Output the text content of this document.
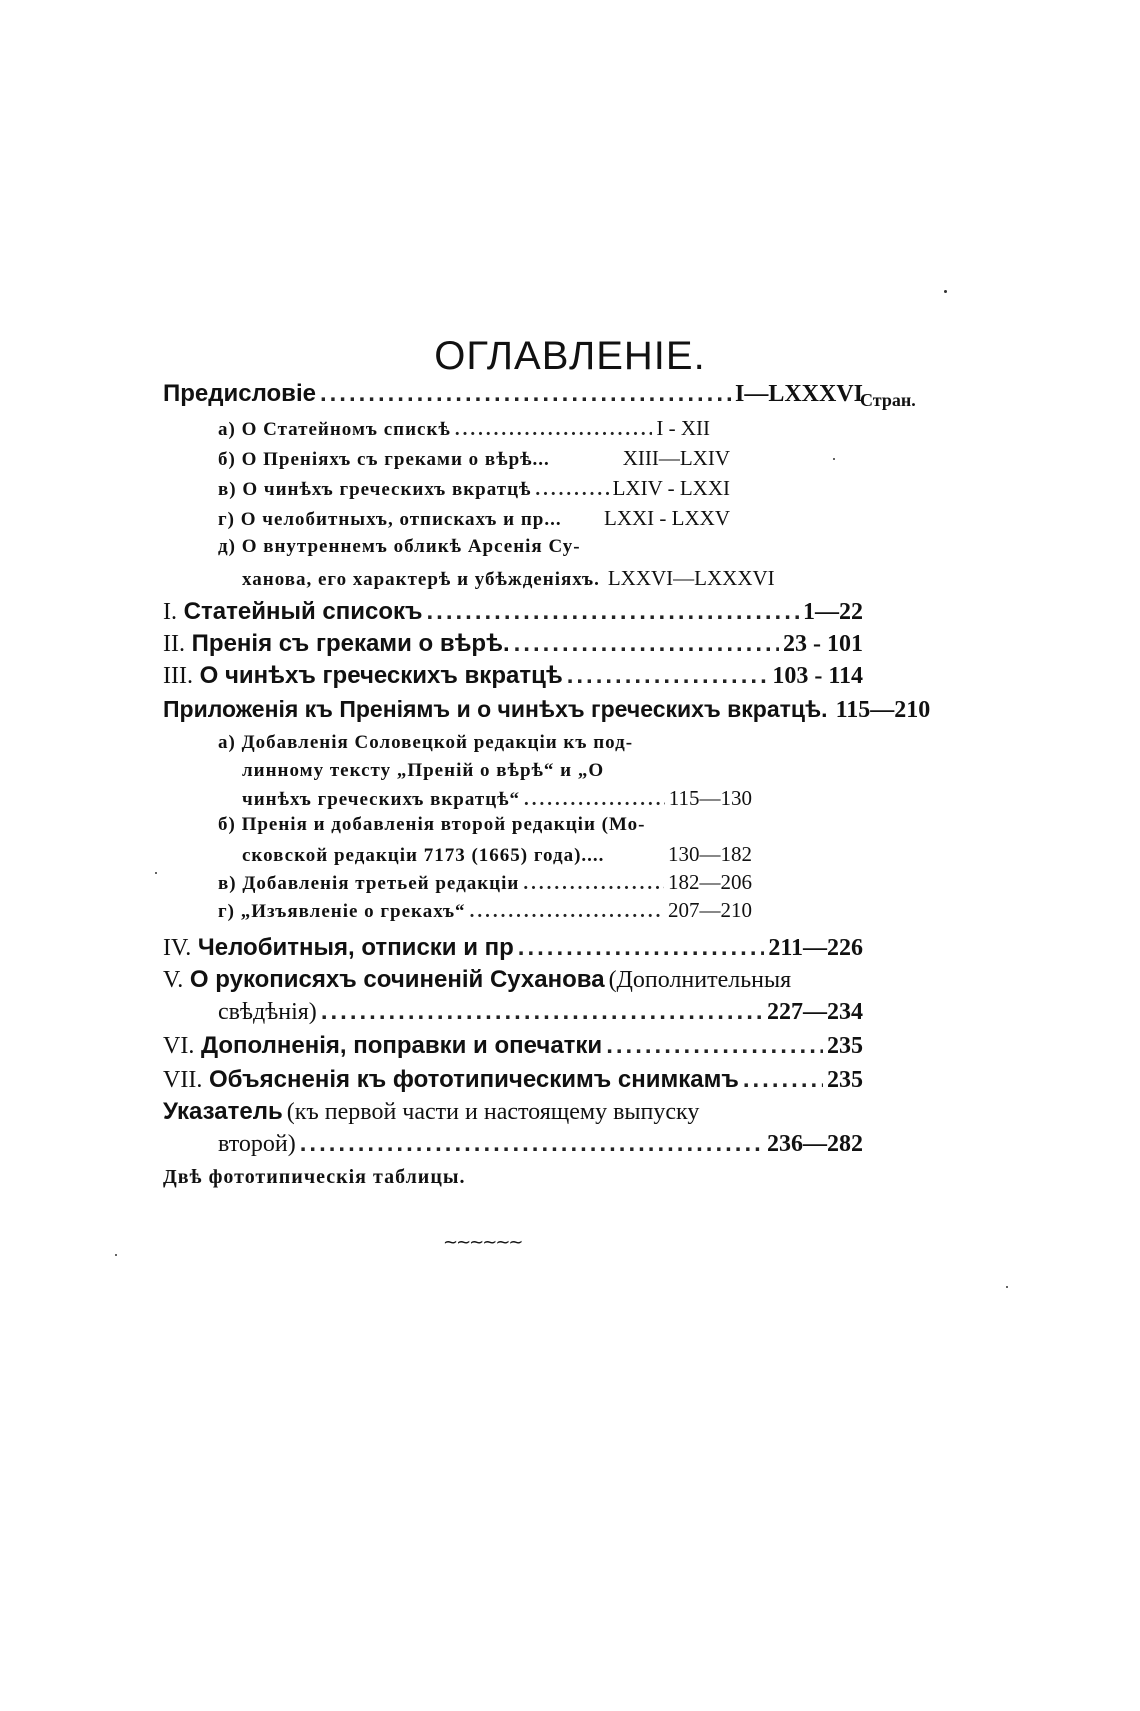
ОГЛАВЛЕНIЕ.
Стран.
Предисловiе .....	I—LXXXVI
а) О Статейномъ спискѣ .....	I - XII
б) О Пренiяхъ съ греками о вѣрѣ...	XIII—LXIV
в) О чинѣхъ греческихъ вкратцѣ .....	LXIV - LXXI
г) О челобитныхъ, отпискахъ и пр... LXXI - LXXV
д) О внутреннемъ обликѣ Арсенiя Су-
ханова, его характерѣ и убѣжденiяхъ. LXXVI—LXXXVI
I. Статейный списокъ .....	1—22
II. Пренiя съ греками о вѣрѣ. .....	23 - 101
III. О чинѣхъ греческихъ вкратцѣ .....	103 - 114
Приложенiя къ Пренiямъ и о чинѣхъ греческихъ вкратцѣ. 115—210
а) Добавленiя Соловецкой редакцiи къ под-
линному тексту „Пренiй о вѣрѣ“ и „О
чинѣхъ греческихъ вкратцѣ“ .....	115—130
б) Пренiя и добавленiя второй редакцiи (Мо-
сковской редакцiи 7173 (1665) года)....	130—182
в) Добавленiя третьей редакцiи .....	182—206
г) „Изъявленiе о грекахъ“ .....	207—210
IV. Челобитныя, отписки и пр .....	211—226
V. О рукописяхъ сочиненiй Суханова (Дополнительныя
свѣдѣнiя) .....	227—234
VI. Дополненiя, поправки и опечатки .....	235
VII. Объясненiя къ фототипическимъ снимкамъ .....	235
Указатель (къ первой части и настоящему выпуску
второй) .....	236—282
Двѣ фототипическiя таблицы.
~~~~~~
